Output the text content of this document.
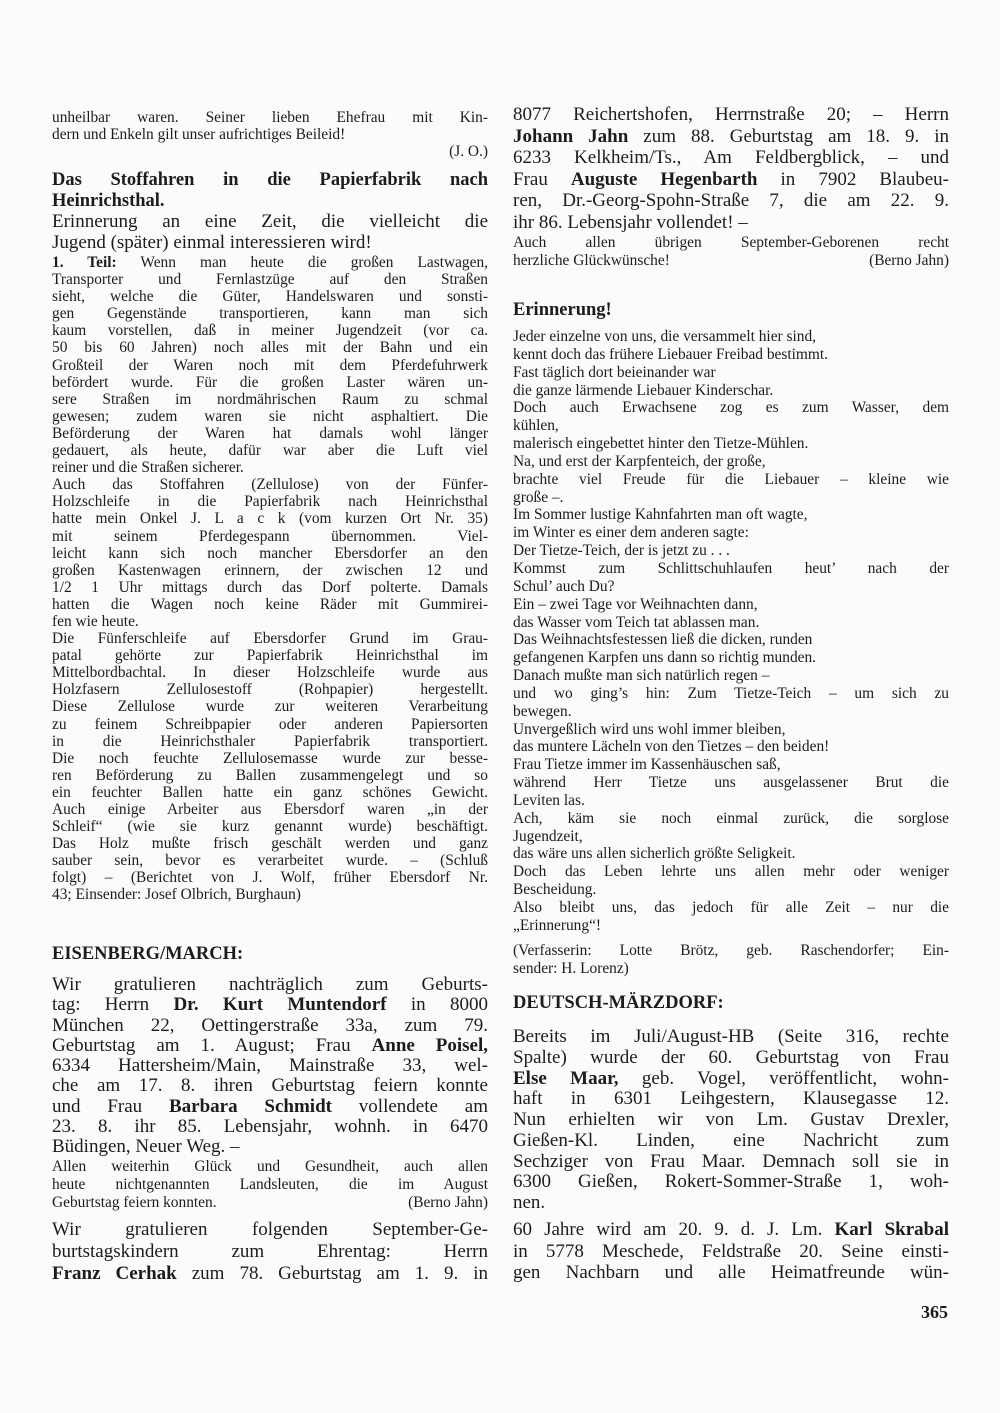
unheilbar waren. Seiner lieben Ehefrau mit Kin-
dern und Enkeln gilt unser aufrichtiges Beileid!
(J. O.)
Das Stoffahren in die Papierfabrik nach
Heinrichsthal.
Erinnerung an eine Zeit, die vielleicht die
Jugend (später) einmal interessieren wird!
1. Teil: Wenn man heute die großen Lastwagen,
Transporter und Fernlastzüge auf den Straßen
sieht, welche die Güter, Handelswaren und sonsti-
gen Gegenstände transportieren, kann man sich
kaum vorstellen, daß in meiner Jugendzeit (vor ca.
50 bis 60 Jahren) noch alles mit der Bahn und ein
Großteil der Waren noch mit dem Pferdefuhrwerk
befördert wurde. Für die großen Laster wären un-
sere Straßen im nordmährischen Raum zu schmal
gewesen; zudem waren sie nicht asphaltiert. Die
Beförderung der Waren hat damals wohl länger
gedauert, als heute, dafür war aber die Luft viel
reiner und die Straßen sicherer.
Auch das Stoffahren (Zellulose) von der Fünfer-
Holzschleife in die Papierfabrik nach Heinrichsthal
hatte mein Onkel J. L a c k (vom kurzen Ort Nr. 35)
mit seinem Pferdegespann übernommen. Viel-
leicht kann sich noch mancher Ebersdorfer an den
großen Kastenwagen erinnern, der zwischen 12 und
1/2 1 Uhr mittags durch das Dorf polterte. Damals
hatten die Wagen noch keine Räder mit Gummirei-
fen wie heute.
Die Fünferschleife auf Ebersdorfer Grund im Grau-
patal gehörte zur Papierfabrik Heinrichsthal im
Mittelbordbachtal. In dieser Holzschleife wurde aus
Holzfasern Zellulosestoff (Rohpapier) hergestellt.
Diese Zellulose wurde zur weiteren Verarbeitung
zu feinem Schreibpapier oder anderen Papiersorten
in die Heinrichsthaler Papierfabrik transportiert.
Die noch feuchte Zellulosemasse wurde zur besse-
ren Beförderung zu Ballen zusammengelegt und so
ein feuchter Ballen hatte ein ganz schönes Gewicht.
Auch einige Arbeiter aus Ebersdorf waren „in der
Schleif“ (wie sie kurz genannt wurde) beschäftigt.
Das Holz mußte frisch geschält werden und ganz
sauber sein, bevor es verarbeitet wurde. – (Schluß
folgt) – (Berichtet von J. Wolf, früher Ebersdorf Nr.
43; Einsender: Josef Olbrich, Burghaun)
EISENBERG/MARCH:
Wir gratulieren nachträglich zum Geburts-
tag: Herrn Dr. Kurt Muntendorf in 8000
München 22, Oettingerstraße 33a, zum 79.
Geburtstag am 1. August; Frau Anne Poisel,
6334 Hattersheim/Main, Mainstraße 33, wel-
che am 17. 8. ihren Geburtstag feiern konnte
und Frau Barbara Schmidt vollendete am
23. 8. ihr 85. Lebensjahr, wohnh. in 6470
Büdingen, Neuer Weg. –
Allen weiterhin Glück und Gesundheit, auch allen
heute nichtgenannten Landsleuten, die im August
Geburtstag feiern konnten.	(Berno Jahn)
Wir gratulieren folgenden September-Ge-
burtstagskindern zum Ehrentag: Herrn
Franz Cerhak zum 78. Geburtstag am 1. 9. in
8077 Reichertshofen, Herrnstraße 20; – Herrn
Johann Jahn zum 88. Geburtstag am 18. 9. in
6233 Kelkheim/Ts., Am Feldbergblick, – und
Frau Auguste Hegenbarth in 7902 Blaubeu-
ren, Dr.-Georg-Spohn-Straße 7, die am 22. 9.
ihr 86. Lebensjahr vollendet! –
Auch allen übrigen September-Geborenen recht
herzliche Glückwünsche!	(Berno Jahn)
Erinnerung!
Jeder einzelne von uns, die versammelt hier sind,
kennt doch das frühere Liebauer Freibad bestimmt.
Fast täglich dort beieinander war
die ganze lärmende Liebauer Kinderschar.
Doch auch Erwachsene zog es zum Wasser, dem
kühlen,
malerisch eingebettet hinter den Tietze-Mühlen.
Na, und erst der Karpfenteich, der große,
brachte viel Freude für die Liebauer – kleine wie
große –.
Im Sommer lustige Kahnfahrten man oft wagte,
im Winter es einer dem anderen sagte:
Der Tietze-Teich, der is jetzt zu . . .
Kommst zum Schlittschuhlaufen heut’ nach der
Schul’ auch Du?
Ein – zwei Tage vor Weihnachten dann,
das Wasser vom Teich tat ablassen man.
Das Weihnachtsfestessen ließ die dicken, runden
gefangenen Karpfen uns dann so richtig munden.
Danach mußte man sich natürlich regen –
und wo ging’s hin: Zum Tietze-Teich – um sich zu
bewegen.
Unvergeßlich wird uns wohl immer bleiben,
das muntere Lächeln von den Tietzes – den beiden!
Frau Tietze immer im Kassenhäuschen saß,
während Herr Tietze uns ausgelassener Brut die
Leviten las.
Ach, käm sie noch einmal zurück, die sorglose
Jugendzeit,
das wäre uns allen sicherlich größte Seligkeit.
Doch das Leben lehrte uns allen mehr oder weniger
Bescheidung.
Also bleibt uns, das jedoch für alle Zeit – nur die
„Erinnerung“!
(Verfasserin: Lotte Brötz, geb. Raschendorfer; Ein-
sender: H. Lorenz)
DEUTSCH-MÄRZDORF:
Bereits im Juli/August-HB (Seite 316, rechte
Spalte) wurde der 60. Geburtstag von Frau
Else Maar, geb. Vogel, veröffentlicht, wohn-
haft in 6301 Leihgestern, Klausegasse 12.
Nun erhielten wir von Lm. Gustav Drexler,
Gießen-Kl. Linden, eine Nachricht zum
Sechziger von Frau Maar. Demnach soll sie in
6300 Gießen, Rokert-Sommer-Straße 1, woh-
nen.
60 Jahre wird am 20. 9. d. J. Lm. Karl Skrabal
in 5778 Meschede, Feldstraße 20. Seine einsti-
gen Nachbarn und alle Heimatfreunde wün-
365
